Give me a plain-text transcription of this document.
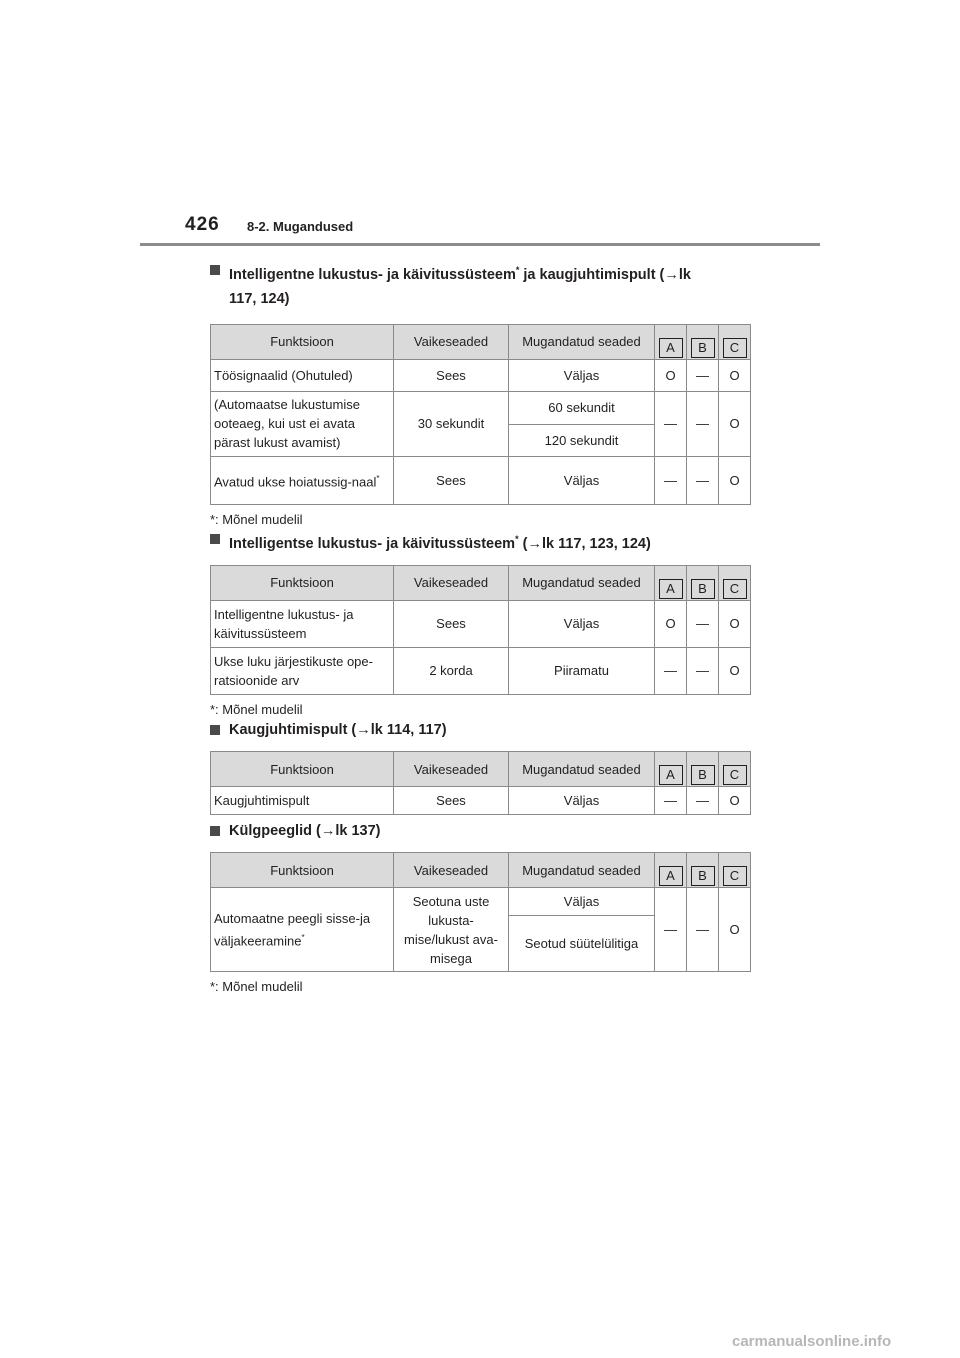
426 8-2. Mugandused
Intelligentne lukustus- ja käivitussüsteem* ja kaugjuhtimispult (→lk
117, 124)
Funktsioon	Vaikeseaded	Mugandatud seaded	A	B	C
Töösignaalid (Ohutuled)	Sees	Väljas	O	—	O
(Automaatse lukustumise ooteaeg, kui ust ei avata pärast lukust avamist)	30 sekundit	60 sekundit	—	—	O
		120 sekundit			
Avatud ukse hoiatussig-naal*	Sees	Väljas	—	—	O
*: Mõnel mudelil
Intelligentse lukustus- ja käivitussüsteem* (→lk 117, 123, 124)
Funktsioon	Vaikeseaded	Mugandatud seaded	A	B	C
Intelligentne lukustus- ja käivitussüsteem	Sees	Väljas	O	—	O
Ukse luku järjestikuste ope-ratsioonide arv	2 korda	Piiramatu	—	—	O
*: Mõnel mudelil
Kaugjuhtimispult (→lk 114, 117)
Funktsioon	Vaikeseaded	Mugandatud seaded	A	B	C
Kaugjuhtimispult	Sees	Väljas	—	—	O
Külgpeeglid (→lk 137)
Funktsioon	Vaikeseaded	Mugandatud seaded	A	B	C
Automaatne peegli sisse-ja väljakeeramine*	Seotuna uste lukusta-mise/lukust ava-misega	Väljas	—	—	O
		Seotud süütelülitiga			
*: Mõnel mudelil
carmanualsonline.info
